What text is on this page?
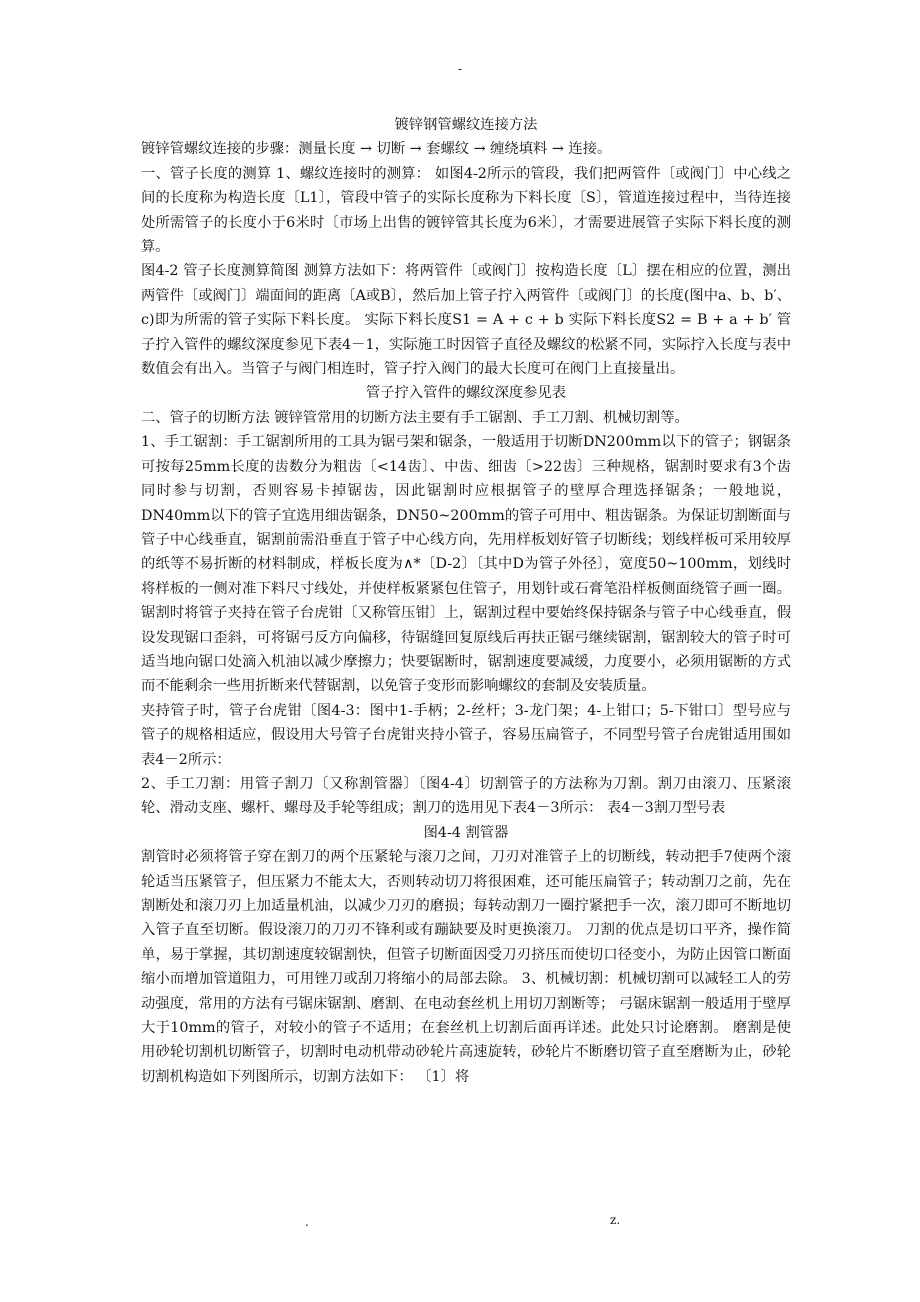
-

镀锌钢管螺纹连接方法

镀锌管螺纹连接的步骤：测量长度 → 切断 → 套螺纹 → 缠绕填料 → 连接。

一、管子长度的测算 1、螺纹连接时的测算： 如图4-2所示的管段，我们把两管件〔或阀门〕中心线之间的长度称为构造长度〔L1〕，管段中管子的实际长度称为下料长度〔S〕，管道连接过程中，当待连接处所需管子的长度小于6米时〔市场上出售的镀锌管其长度为6米〕，才需要进展管子实际下料长度的测算。

图4-2 管子长度测算简图 测算方法如下：将两管件〔或阀门〕按构造长度〔L〕摆在相应的位置，测出两管件〔或阀门〕端面间的距离〔A或B〕，然后加上管子拧入两管件〔或阀门〕的长度(图中a、b、b′、c)即为所需的管子实际下料长度。 实际下料长度S1 = A + c + b 实际下料长度S2 = B + a + b′ 管子拧入管件的螺纹深度参见下表4－1，实际施工时因管子直径及螺纹的松紧不同，实际拧入长度与表中数值会有出入。当管子与阀门相连时，管子拧入阀门的最大长度可在阀门上直接量出。

管子拧入管件的螺纹深度参见表

二、管子的切断方法 镀锌管常用的切断方法主要有手工锯割、手工刀割、机械切割等。

1、手工锯割：手工锯割所用的工具为锯弓架和锯条，一般适用于切断DN200mm以下的管子；钢锯条可按每25mm长度的齿数分为粗齿〔<14齿〕、中齿、细齿〔>22齿〕三种规格，锯割时要求有3个齿同时参与切割，否则容易卡掉锯齿，因此锯割时应根据管子的壁厚合理选择锯条；一般地说，DN40mm以下的管子宜选用细齿锯条，DN50~200mm的管子可用中、粗齿锯条。为保证切割断面与管子中心线垂直，锯割前需沿垂直于管子中心线方向，先用样板划好管子切断线；划线样板可采用较厚的纸等不易折断的材料制成，样板长度为∧*〔D-2〕〔其中D为管子外径〕，宽度50~100mm，划线时将样板的一侧对准下料尺寸线处，并使样板紧紧包住管子，用划针或石膏笔沿样板侧面绕管子画一圈。锯割时将管子夹持在管子台虎钳〔又称管压钳〕上，锯割过程中要始终保持锯条与管子中心线垂直，假设发现锯口歪斜，可将锯弓反方向偏移，待锯缝回复原线后再扶正锯弓继续锯割，锯割较大的管子时可适当地向锯口处滴入机油以减少摩擦力；快要锯断时，锯割速度要减缓，力度要小，必须用锯断的方式而不能剩余一些用折断来代替锯割，以免管子变形而影响螺纹的套制及安装质量。

夹持管子时，管子台虎钳〔图4-3：图中1-手柄；2-丝杆；3-龙门架；4-上钳口；5-下钳口〕型号应与管子的规格相适应，假设用大号管子台虎钳夹持小管子，容易压扁管子，不同型号管子台虎钳适用围如表4－2所示：

2、手工刀割：用管子割刀〔又称割管器〕〔图4-4〕切割管子的方法称为刀割。割刀由滚刀、压紧滚轮、滑动支座、螺杆、螺母及手轮等组成；割刀的选用见下表4－3所示： 表4－3割刀型号表

图4-4 割管器

割管时必须将管子穿在割刀的两个压紧轮与滚刀之间，刀刃对准管子上的切断线，转动把手7使两个滚轮适当压紧管子，但压紧力不能太大，否则转动切刀将很困难，还可能压扁管子；转动割刀之前，先在割断处和滚刀刃上加适量机油，以减少刀刃的磨损；每转动割刀一圈拧紧把手一次，滚刀即可不断地切入管子直至切断。假设滚刀的刀刃不锋利或有蹦缺要及时更换滚刀。 刀割的优点是切口平齐，操作简单，易于掌握，其切割速度较锯割快，但管子切断面因受刀刃挤压而使切口径变小，为防止因管口断面缩小而增加管道阻力，可用锉刀或刮刀将缩小的局部去除。 3、机械切割：机械切割可以减轻工人的劳动强度，常用的方法有弓锯床锯割、磨割、在电动套丝机上用切刀割断等； 弓锯床锯割一般适用于壁厚大于10mm的管子，对较小的管子不适用；在套丝机上切割后面再详述。此处只讨论磨割。 磨割是使用砂轮切割机切断管子，切割时电动机带动砂轮片高速旋转，砂轮片不断磨切管子直至磨断为止，砂轮切割机构造如下列图所示，切割方法如下： 〔1〕将

.	z.
